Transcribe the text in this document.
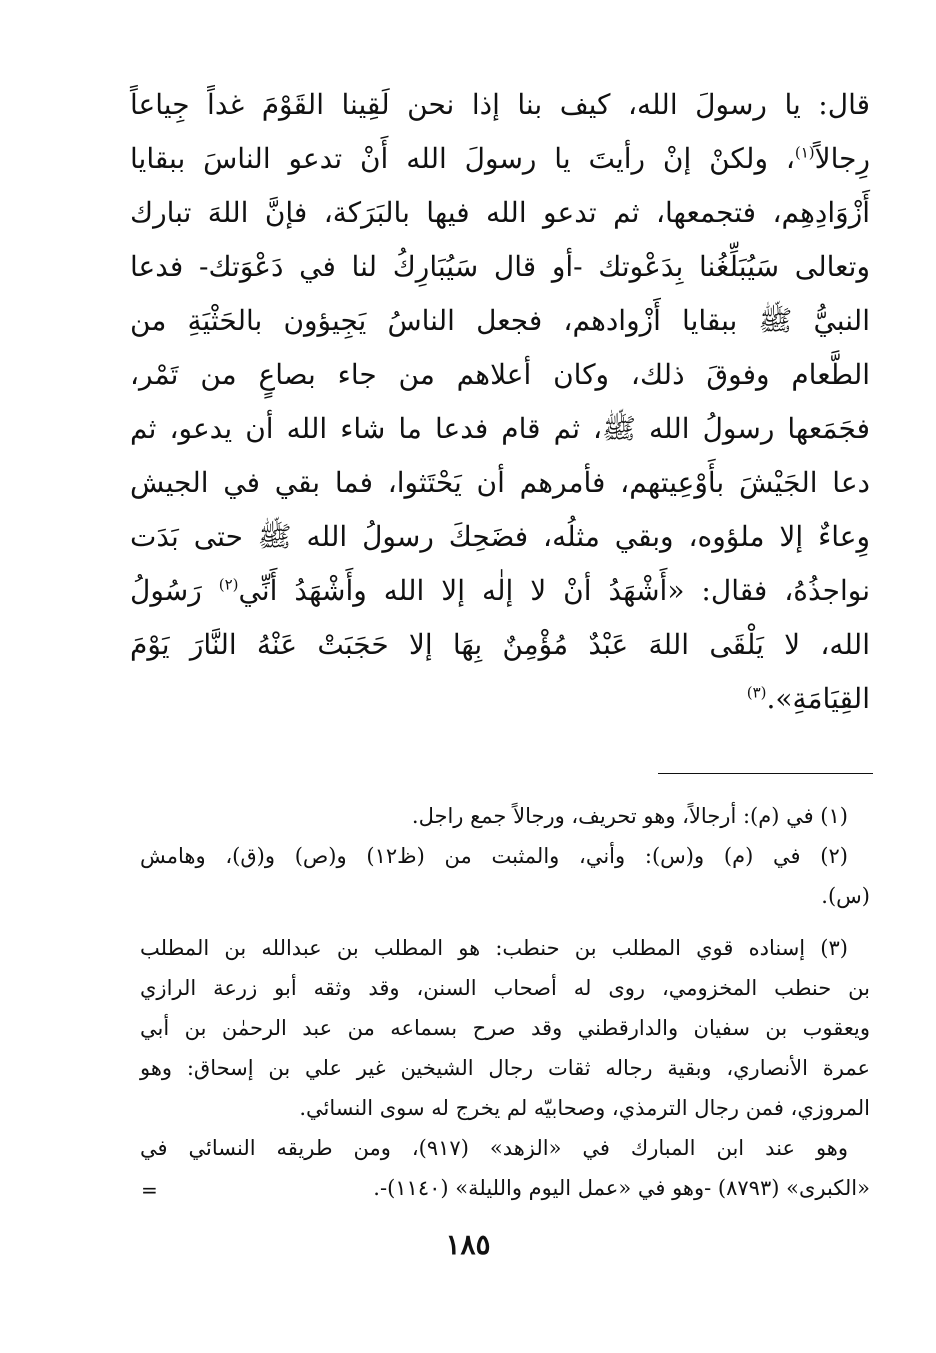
قال: يا رسولَ الله، كيف بنا إذا نحن لَقِينا القَوْمَ غداً جِياعاً
رِجالاً$^{(١)}$، ولكنْ إنْ رأيتَ يا رسولَ الله أَنْ تدعو الناسَ ببقايا
أَزْوَادِهِم، فتجمعها، ثم تدعو الله فيها بالبَرَكة، فإنَّ اللهَ تبارك
وتعالى سَيُبَلِّغُنا بِدَعْوتك -أو قال سَيُبَارِكُ لنا في دَعْوَتك- فدعا
النبيُّ ﷺ ببقايا أَزْوادهم، فجعل الناسُ يَجِيؤون بالحَثْيَةِ من
الطَّعام وفوقَ ذلك، وكان أعلاهم من جاء بصاعٍ من تَمْر،
فجَمَعها رسولُ الله ﷺ، ثم قام فدعا ما شاء الله أن يدعو، ثم
دعا الجَيْشَ بأَوْعِيتهم، فأمرهم أن يَحْتَثوا، فما بقي في الجيش
وِعاءٌ إلا ملؤوه، وبقي مثلُه، فضَحِكَ رسولُ الله ﷺ حتى بَدَت
نواجذُهُ، فقال: «أَشْهَدُ أنْ لا إلٰه إلا الله وأَشْهَدُ أَنِّي$^{(٢)}$ رَسُولُ
الله، لا يَلْقَى اللهَ عَبْدٌ مُؤْمِنٌ بِهَا إلا حَجَبَتْ عَنْهُ النَّارَ يَوْمَ
القِيَامَةِ».$^{(٣)}$
(١) في (م): أرجالاً، وهو تحريف، ورجالاً جمع راجل.
(٢) في (م) و(س): وأني، والمثبت من (ظ١٢) و(ص) و(ق)، وهامش
(س).
(٣) إسناده قوي المطلب بن حنطب: هو المطلب بن عبدالله بن المطلب
بن حنطب المخزومي، روى له أصحاب السنن، وقد وثقه أبو زرعة الرازي
ويعقوب بن سفيان والدارقطني وقد صرح بسماعه من عبد الرحمٰن بن أبي
عمرة الأنصاري، وبقية رجاله ثقات رجال الشيخين غير علي بن إسحاق: وهو
المروزي، فمن رجال الترمذي، وصحابيّه لم يخرج له سوى النسائي.
وهو عند ابن المبارك في «الزهد» (٩١٧)، ومن طريقه النسائي في
«الكبرى» (٨٧٩٣) -وهو في «عمل اليوم والليلة» (١١٤٠)-.
=
١٨٥
